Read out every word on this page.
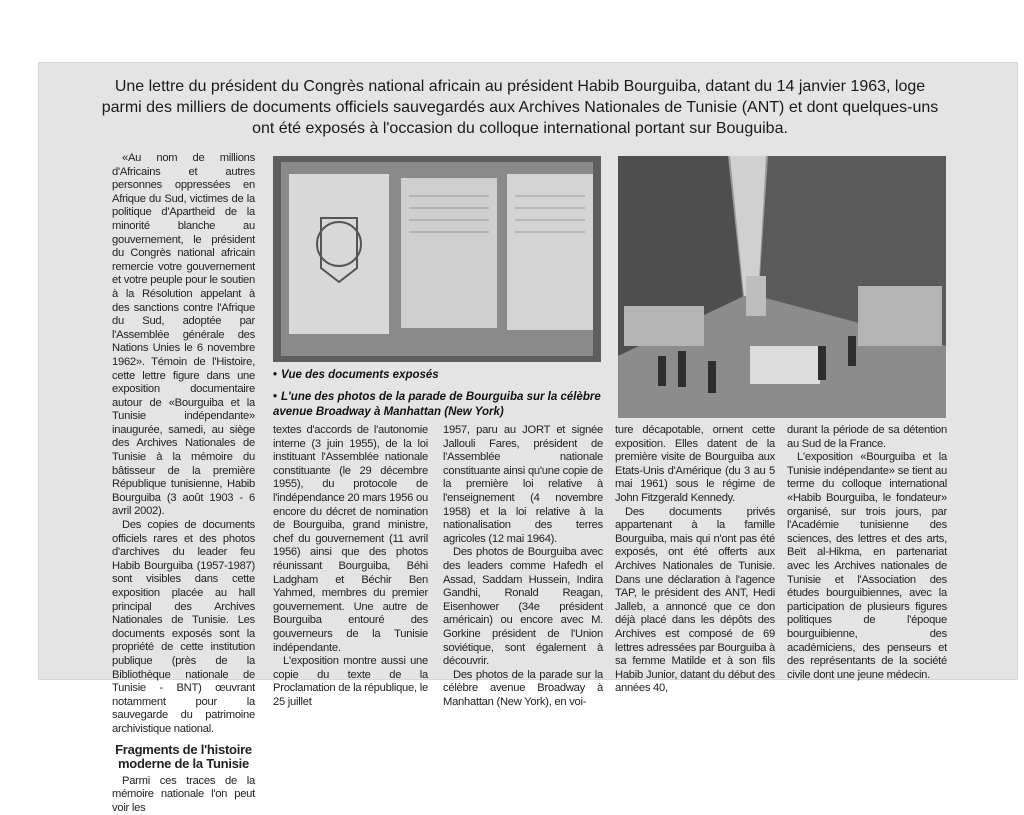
Une lettre du président du Congrès national africain au président Habib Bourguiba, datant du 14 janvier 1963, loge parmi des milliers de documents officiels sauvegardés aux Archives Nationales de Tunisie (ANT) et dont quelques-uns ont été exposés à l'occasion du colloque international portant sur Bouguiba.

«Au nom de millions d'Africains et autres personnes oppressées en Afrique du Sud, victimes de la politique d'Apartheid de la minorité blanche au gouvernement, le président du Congrès national africain remercie votre gouvernement et votre peuple pour le soutien à la Résolution appelant à des sanctions contre l'Afrique du Sud, adoptée par l'Assemblée générale des Nations Unies le 6 novembre 1962». Témoin de l'Histoire, cette lettre figure dans une exposition documentaire autour de «Bourguiba et la Tunisie indépendante» inaugurée, samedi, au siège des Archives Nationales de Tunisie à la mémoire du bâtisseur de la première République tunisienne, Habib Bourguiba (3 août 1903 - 6 avril 2002).

Des copies de documents officiels rares et des photos d'archives du leader feu Habib Bourguiba (1957-1987) sont visibles dans cette exposition placée au hall principal des Archives Nationales de Tunisie. Les documents exposés sont la propriété de cette institution publique (près de la Bibliothèque nationale de Tunisie - BNT) œuvrant notamment pour la sauvegarde du patrimoine archivistique national.

Fragments de l'histoire moderne de la Tunisie

Parmi ces traces de la mémoire nationale l'on peut voir les

• Vue des documents exposés
• L'une des photos de la parade de Bourguiba sur la célèbre avenue Broadway à Manhattan (New York)

textes d'accords de l'autonomie interne (3 juin 1955), de la loi instituant l'Assemblée nationale constituante (le 29 décembre 1955), du protocole de l'indépendance 20 mars 1956 ou encore du décret de nomination de Bourguiba, grand ministre, chef du gouvernement (11 avril 1956) ainsi que des photos réunissant Bourguiba, Béhi Ladgham et Béchir Ben Yahmed, membres du premier gouvernement. Une autre de Bourguiba entouré des gouverneurs de la Tunisie indépendante.

L'exposition montre aussi une copie du texte de la Proclamation de la république, le 25 juillet

1957, paru au JORT et signée Jallouli Fares, président de l'Assemblée nationale constituante ainsi qu'une copie de la première loi relative à l'enseignement (4 novembre 1958) et la loi relative à la nationalisation des terres agricoles (12 mai 1964).

Des photos de Bourguiba avec des leaders comme Hafedh el Assad, Saddam Hussein, Indira Gandhi, Ronald Reagan, Eisenhower (34e président américain) ou encore avec M. Gorkine président de l'Union soviétique, sont également à découvrir.

Des photos de la parade sur la célèbre avenue Broadway à Manhattan (New York), en voi-

ture décapotable, ornent cette exposition. Elles datent de la première visite de Bourguiba aux Etats-Unis d'Amérique (du 3 au 5 mai 1961) sous le régime de John Fitzgerald Kennedy.

Des documents privés appartenant à la famille Bourguiba, mais qui n'ont pas été exposés, ont été offerts aux Archives Nationales de Tunisie. Dans une déclaration à l'agence TAP, le président des ANT, Hedi Jalleb, a annoncé que ce don déjà placé dans les dépôts des Archives est composé de 69 lettres adressées par Bourguiba à sa femme Matilde et à son fils Habib Junior, datant du début des années 40,

durant la période de sa détention au Sud de la France.

L'exposition «Bourguiba et la Tunisie indépendante» se tient au terme du colloque international «Habib Bourguiba, le fondateur» organisé, sur trois jours, par l'Académie tunisienne des sciences, des lettres et des arts, Beït al-Hikma, en partenariat avec les Archives nationales de Tunisie et l'Association des études bourguibiennes, avec la participation de plusieurs figures politiques de l'époque bourguibienne, des académiciens, des penseurs et des représentants de la société civile dont une jeune médecin.
